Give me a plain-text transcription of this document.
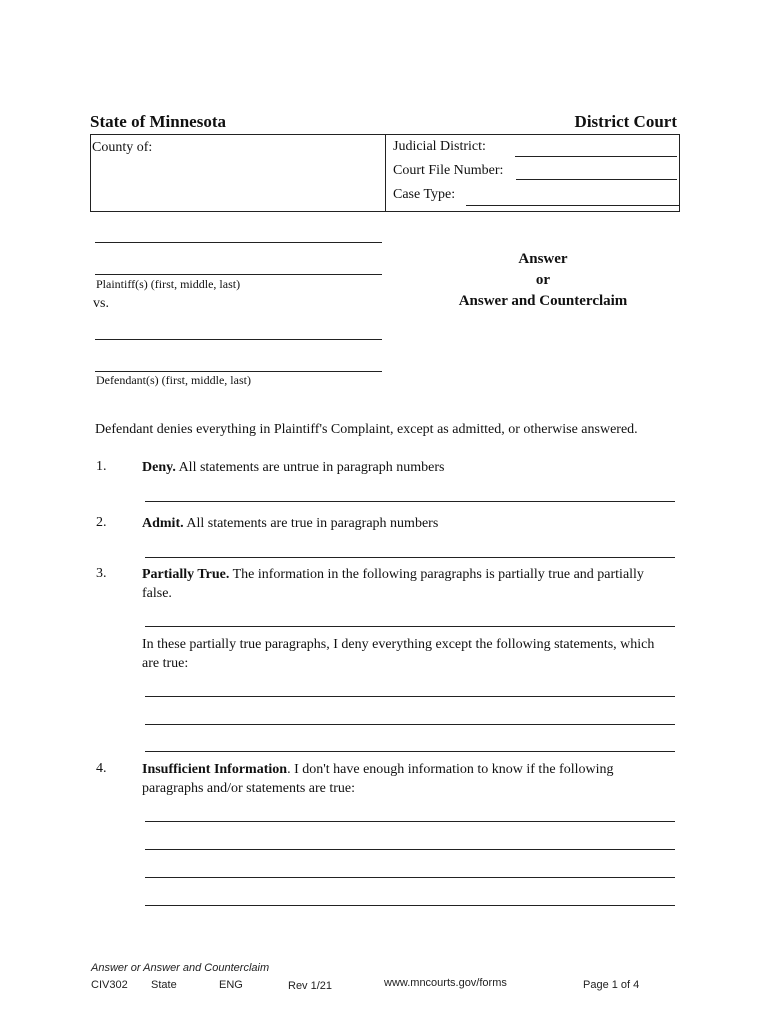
State of Minnesota	District Court
County of:	Judicial District:
Court File Number:
Case Type:
Plaintiff(s) (first, middle, last)
vs.
Defendant(s) (first, middle, last)
Answer
or
Answer and Counterclaim
Defendant denies everything in Plaintiff's Complaint, except as admitted, or otherwise answered.
1.	Deny. All statements are untrue in paragraph numbers
2.	Admit. All statements are true in paragraph numbers
3.	Partially True. The information in the following paragraphs is partially true and partially false.
In these partially true paragraphs, I deny everything except the following statements, which are true:
4.	Insufficient Information. I don't have enough information to know if the following paragraphs and/or statements are true:
Answer or Answer and Counterclaim
CIV302 State	ENG	Rev 1/21	www.mncourts.gov/forms	Page 1 of 4
